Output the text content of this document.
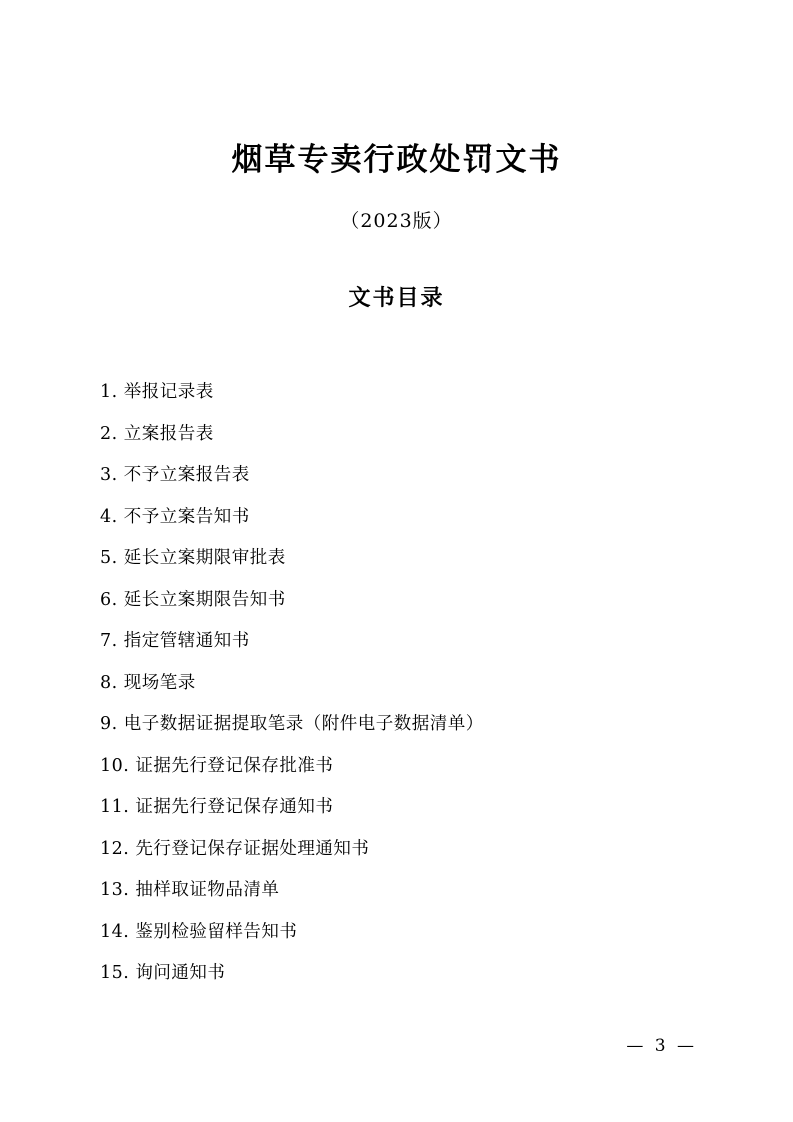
烟草专卖行政处罚文书
（2023版）
文书目录
1. 举报记录表
2. 立案报告表
3. 不予立案报告表
4. 不予立案告知书
5. 延长立案期限审批表
6. 延长立案期限告知书
7. 指定管辖通知书
8. 现场笔录
9. 电子数据证据提取笔录（附件电子数据清单）
10. 证据先行登记保存批准书
11. 证据先行登记保存通知书
12. 先行登记保存证据处理通知书
13. 抽样取证物品清单
14. 鉴别检验留样告知书
15. 询问通知书
— 3 —
